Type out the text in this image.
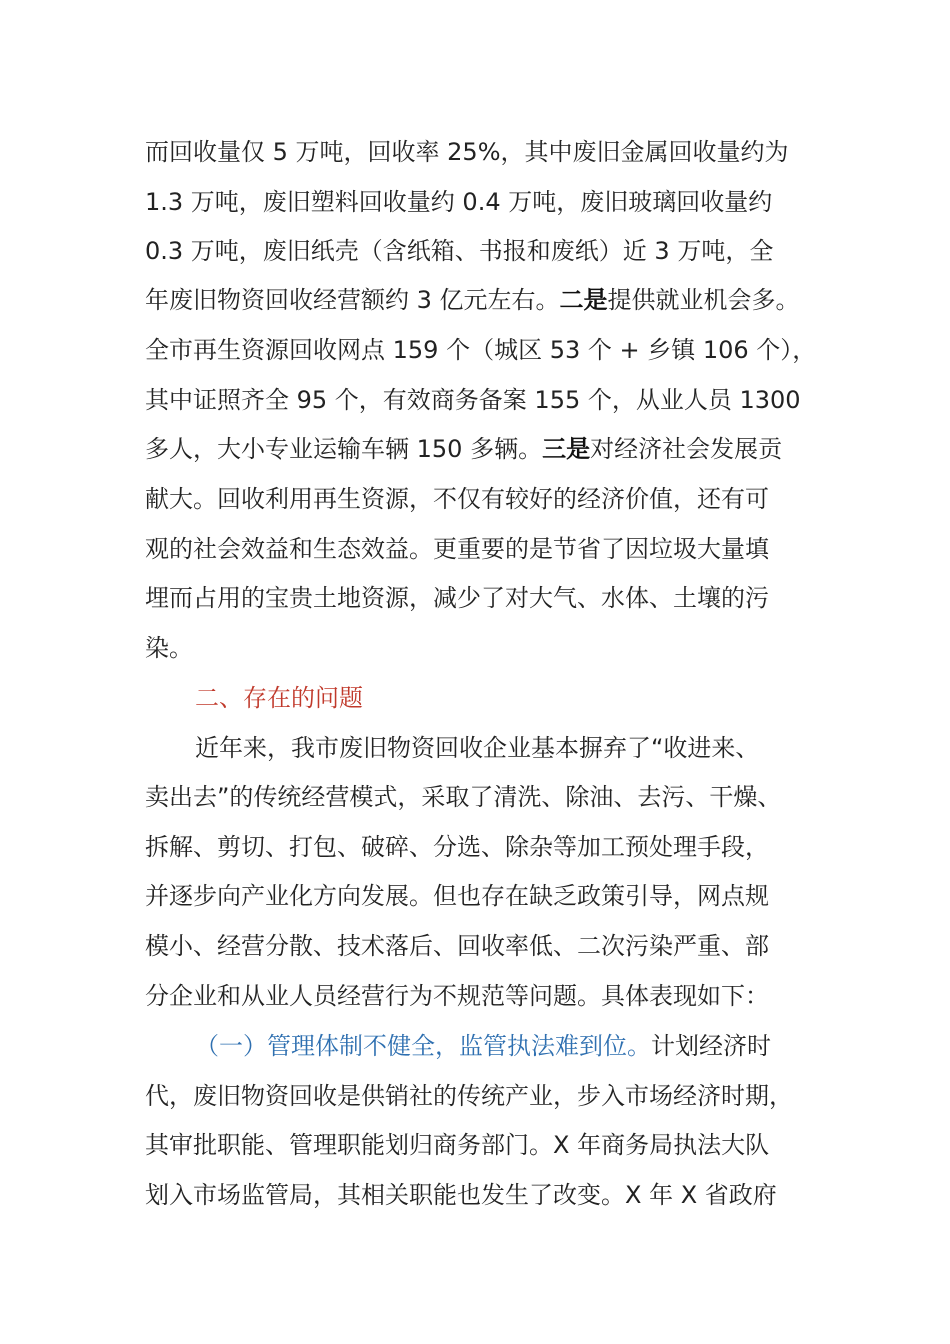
而回收量仅 5 万吨，回收率 25%，其中废旧金属回收量约为
1.3 万吨，废旧塑料回收量约 0.4 万吨，废旧玻璃回收量约
0.3 万吨，废旧纸壳（含纸箱、书报和废纸）近 3 万吨，全
年废旧物资回收经营额约 3 亿元左右。二是提供就业机会多。
全市再生资源回收网点 159 个（城区 53 个 + 乡镇 106 个），
其中证照齐全 95 个，有效商务备案 155 个，从业人员 1300
多人，大小专业运输车辆 150 多辆。三是对经济社会发展贡
献大。回收利用再生资源，不仅有较好的经济价值，还有可
观的社会效益和生态效益。更重要的是节省了因垃圾大量填
埋而占用的宝贵土地资源，减少了对大气、水体、土壤的污
染。
二、存在的问题
近年来，我市废旧物资回收企业基本摒弃了“收进来、
卖出去”的传统经营模式，采取了清洗、除油、去污、干燥、
拆解、剪切、打包、破碎、分选、除杂等加工预处理手段，
并逐步向产业化方向发展。但也存在缺乏政策引导，网点规
模小、经营分散、技术落后、回收率低、二次污染严重、部
分企业和从业人员经营行为不规范等问题。具体表现如下：
（一）管理体制不健全，监管执法难到位。计划经济时
代，废旧物资回收是供销社的传统产业，步入市场经济时期，
其审批职能、管理职能划归商务部门。X 年商务局执法大队
划入市场监管局，其相关职能也发生了改变。X 年 X 省政府
